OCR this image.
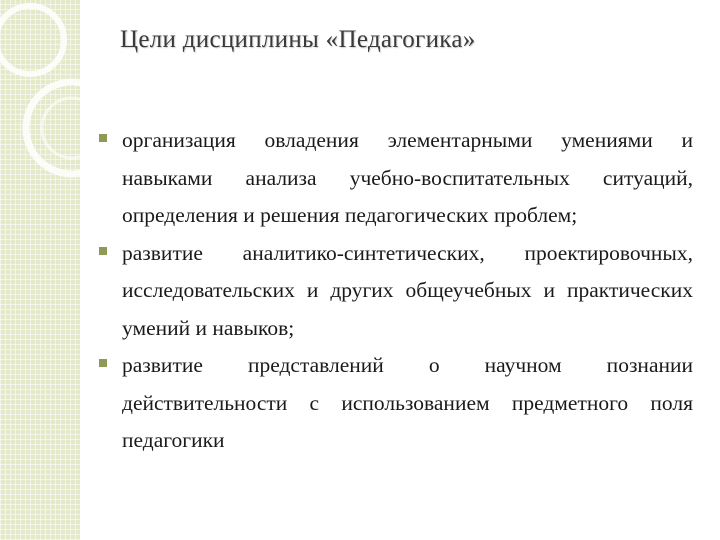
Цели дисциплины «Педагогика»
организация овладения элементарными умениями и навыками анализа учебно-воспитательных ситуаций, определения и решения педагогических проблем;
развитие аналитико-синтетических, проектировочных, исследовательских и других общеучебных и практических умений и навыков;
развитие представлений о научном познании действительности с использованием предметного поля педагогики
